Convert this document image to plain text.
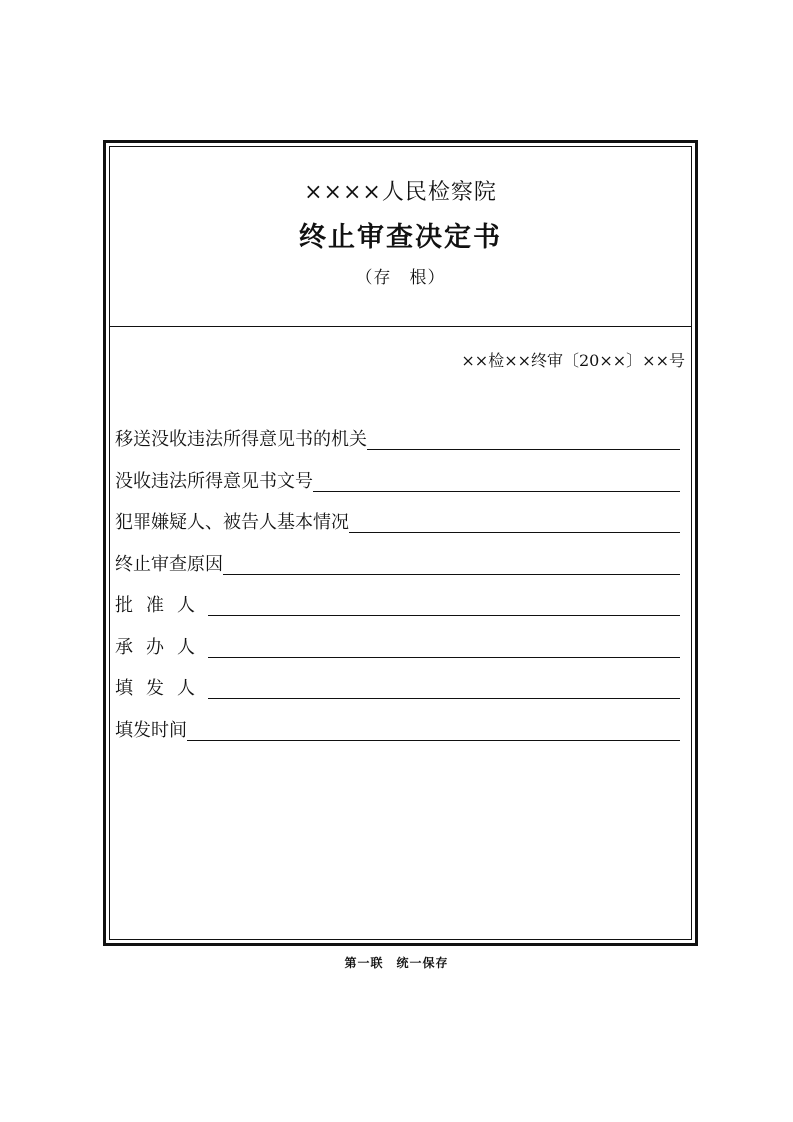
××××人民检察院
终止审查决定书
（存　根）
××检××终审〔20××〕××号
移送没收违法所得意见书的机关
没收违法所得意见书文号
犯罪嫌疑人、被告人基本情况
终止审查原因
批准人
承办人
填发人
填发时间
第一联　统一保存
